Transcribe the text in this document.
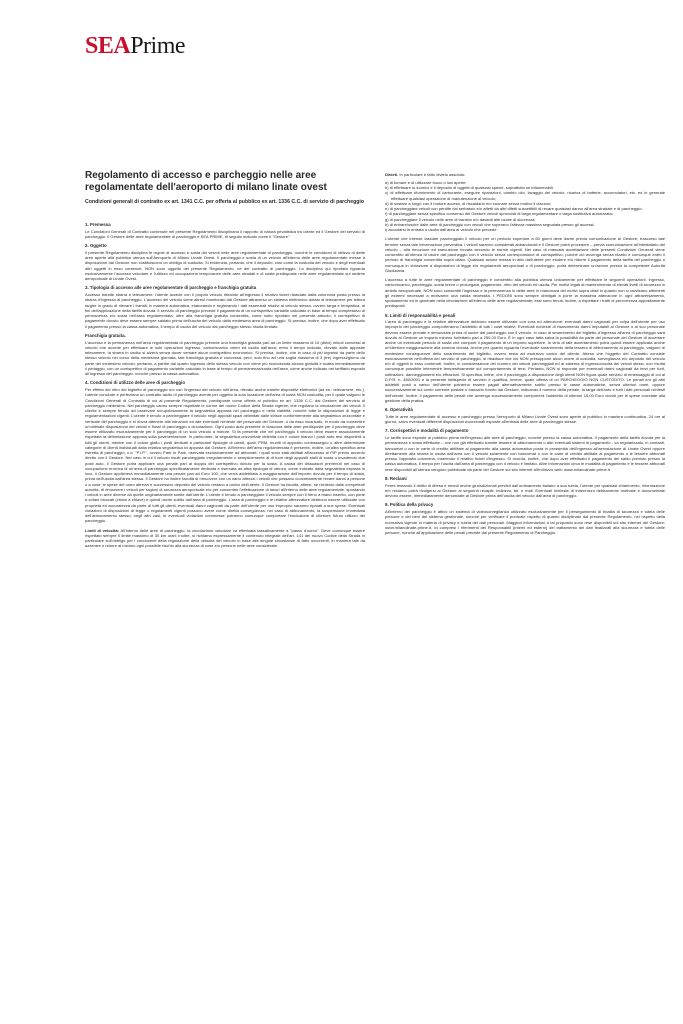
SEAPrime
Regolamento di accesso e parcheggio nelle aree regolamentate dell'aeroporto di milano linate ovest

Condizioni generali di contratto ex art. 1341 C.C. per offerta al pubblico ex art. 1336 C.C. di servizio di parcheggio

1. Premessa

Le Condizioni Generali di Contratto contenute nel presente Regolamento disciplinano il rapporto di natura privatistica tra utente ed il Gestore del servizio di parcheggio. Il Gestore delle aree regolamentate di parcheggio è SEA PRIME, di seguito indicato come il "Gestore".

2. Oggetto

Il presente Regolamento disciplina le regole di accesso e sosta dei veicoli nelle aree regolamentate di parcheggio, nonché le condizioni di utilizzo di dette aree aperte alla pubblica utenza sull'Aeroporto di Milano Linate Ovest. Il parcheggio e sosta di un veicolo all'interno delle aree regolamentate messe a disposizione dal Gestore non costituiscono un obbligo di custodia. Si evidenzia, pertanto, che il deposito, così come la custodia del veicolo e degli eventuali altri oggetti in esso contenuti, NON sono oggetto del presente Regolamento, né del contratto di parcheggio. La disciplina qui riportata riguarda esclusivamente l'accesso veicolare e l'utilizzo ed occupazione temporanee delle aree stradali e di sosta predisposte nelle aree regolamentate sul sedime aeroportuale di Linate Ovest.

3. Tipologia di accesso alle aree regolamentate di parcheggio e franchigia gratuita

Accesso tramite sbarra e telecamere: l'utente accede con il proprio veicolo ritirando all'ingresso il relativo ticket rilasciato dalla colonnina posta presso la sbarra d'ingresso al parcheggio. L'accesso del veicolo viene altresì monitorato dal Gestore attraverso un sistema elettronico dotato di telecamere per lettura targhe in grado di rilevare i transiti in maniera automatica, elaborando e registrando i dati essenziali relativi al veicolo stesso, ovvero targa e tempistica, ai fini dell'applicazione della tariffa dovuta. Il servizio di parcheggio prevede il pagamento di un corrispettivo variabile calcolato in base al tempo complessivo di permanenza e/o sosta nell'area regolamentata, oltre alla franchigia gratuita consentita, come sotto riportato nel presente articolo; il corrispettivo di pagamento dovuto deve essere sempre saldato prima dell'uscita del veicolo dalla medesima area di parcheggio. Si precisa, inoltre, che dopo aver effettuato il pagamento presso la cassa automatica, il tempo di uscita del veicolo dal parcheggio stesso risulta limitato.

Franchigia gratuita.

L'accesso e la permanenza nell'area regolamentata di parcheggio prevede una franchigia gratuita pari ad un limite massimo di 10 (dieci) minuti concessi al veicolo che accede per effettuare le sole operazioni ingresso, carico/scarico celeri ed uscita dall'area; entro il tempo indicato, rilevato dalle apposite telecamere, la sbarra in uscita si alzerà senza dover versare alcun corrispettivo economico. Si precisa, inoltre, che in caso di più ingressi da parte dello stesso veicolo nel corso della medesima giornata, tale franchigia gratuita è concessa, però, solo fino ad una soglia massima di 3 (tre) ingressi/giorno da parte del medesimo veicolo; pertanto, a partire dal quarto ingresso dello stesso veicolo non viene più riconosciuta alcuna gratuità e scatta immediatamente il pedaggio, con un corrispettivo di pagamento variabile calcolato in base al tempo di permanenza/sosta nell'area, come anche indicato nel tariffario esposto all'ingresso del parcheggio, nonché presso la cassa automatica.

4. Condizioni di utilizzo delle aree di parcheggio

Per effetto del ritiro del biglietto di parcheggio e/o con l'ingresso del veicolo nell'area, rilevato anche tramite dispositivi elettronici (ad es.: telecamere, etc.), l'utente conclude e perfeziona un contratto tacito di parcheggio avente per oggetto la sola locazione dell'area di sosta NON custodita, per il quale valgono le Condizioni Generali di Contratto di cui al presente Regolamento, predisposte come offerta al pubblico ex art. 1336 C.C. dal Gestore del servizio di parcheggio medesimo. Nel parcheggio vanno sempre rispettate le norme del nuovo Codice della Strada vigente, che regolano la circolazione dei veicoli. Il cliente è sempre tenuto ad osservare scrupolosamente la segnaletica apposta nel parcheggio e nella viabilità, nonché tutte le disposizioni di legge e regolamentazioni vigenti. L'utente è tenuto a parcheggiare il veicolo negli appositi spazi delimitati dalle strisce conformemente alla segnaletica orizzontale e verticale del parcheggio e si dovrà attenere alle istruzioni ed alle eventuali richieste del personale del Gestore, o da esso incaricato, in modo da consentire un'ottimale disposizione dei veicoli e flussi di parcheggio o circolazione. Ogni posto auto presente in ciascuna delle aree predisposte per il parcheggio deve essere utilizzato esclusivamente per il parcheggio di un solo veicolo a motore. Si fa presente che nel parcheggio il veicolo deve essere assolutamente rispettata la delimitazione apposta sulla pavimentazione. In particolare, la segnaletica orizzontale delimita con il colore bianco i posti auto resi disponibili a tutti gli utenti, mentre con il colore giallo i posti dedicati a particolari tipologie di utenti, quali; PRM, muniti di apposito contrassegno o altre determinate categorie di clienti individuati dalla relativa segnaletica ivi apposta dal Gestore. All'interno dell'area regolamentata è presente, inoltre, un'altra specifica area ristretta di parcheggio, c.d. "P.I.P.", ovvero Park In Park, riservata esclusivamente ad abbonati, i quali sono stati abilitati all'accesso al PIP previo accordo diretto con il Gestore. Nel caso in cui il veicolo risulti parcheggiato irregolarmente o semplicemente al di fuori degli appositi stalli di sosta o invadendo due posti auto, il Gestore potrà applicare una penale pari al doppio del corrispettivo dovuto per la sosta. A causa dei dissuasori prevenuti nel caso di occupazione erronea di un'area di parcheggio specificatamente dedicata e riservata ad altra tipologia di utenza, come indicato dalla segnaletica esposta in loco, il Gestore applicherà immediatamente una penale pari ad Euro 100, che verrà addebitata a maggiorazione dell'importo dovuto per il tempo di sosta, prima dell'uscita dall'area stessa. Il Gestore ha inoltre facoltà di rimuovere con un carro attrezzi i veicoli che possano concretamente recare danni a persone o a cose; le spese del carro attrezzi e successivo deposito del veicolo restano a carico dell'utente. Il Gestore ha facoltà, altresì, se richiesto dalle competenti autorità, di rimuovere i veicoli per ragioni di sicurezza aeroportuale e/o per consentire l'effettuazione di lavori all'interno delle aree regolamentate, spostando i veicoli in aree diverse da quelle originariamente scelte dall'utente. L'utente è tenuto a parcheggiare il veicolo sempre con il freno a mano inserito, con porte e cofani bloccati (chiusi a chiave) e quindi uscire subito dall'area di parcheggio. L'area di parcheggio e le relative attrezzature debbono essere utilizzate con proprietà ed accuratezza da parte di tutti gli utenti; eventuali danni cagionati da parte dell'utente per uso improprio saranno riparati a sue spese. Eventuali violazioni di disposizioni di legge o regolamenti vigenti possono avere come diretta conseguenza, nel caso di abbonamento, la sospensione immediata dell'abbonamento stesso; negli altri casi, le eventuali violazioni commesse potranno comunque comportare l'esclusione di ulteriore futuro utilizzo del parcheggio.

Limiti di velocità: All'interno delle aree di parcheggio, la circolazione veicolare va effettuata tassativamente a "passo d'uomo". Deve comunque essere rispettato sempre il limite massimo di 30 km orari; inoltre, si richiama espressamente il contenuto integrale dell'art. 141 del nuovo Codice della Strada in particolare sull'obbligo per i conducenti della regolazione della velocità del veicolo in base alle singole circostanze di fatto occorrenti, in maniera tale da azzerare o ridurre al minimo ogni possibile rischio alla sicurezza di cose e/o persone nelle aree considerate.

Divieti. In particolare è fatto divieto assoluto:

a) di fumare e di utilizzare fuoco o luci aperte;
b) di effettuare lo scarico e il deposito di oggetti di qualsiasi specie, soprattutto se infiammabili.
c) di effettuare rifornimento di carburante, eseguire riparazioni, cambio olio, lavaggio del veicolo, ricarica di batterie, accumulatori, etc. ed in generale effettuare qualsiasi operazione di manutenzione al veicolo;
d) di sostare a lungo con il motore acceso, di riscaldarlo e/o suonare senza motivo il clacson;
e) di parcheggiare veicoli con perdite dal serbatoio e/o affetti da altri difetti suscettibili di recare qualsiasi danno all'area stradale e di parcheggio;
f) di parcheggiare senza specifico consenso del Gestore veicoli sprovvisti di targa regolamentare o targa sostitutiva autorizzata;
g) di parcheggiare il veicolo nelle aree di transito e/o davanti alle uscite di sicurezza;
h) di entrare/uscire dalle aree di parcheggio con veicoli che superano l'altezza massima segnalata presso gli accessi;
i) accodarsi in entrata o uscita dall'area al veicolo che precede.

L'utente che intende lasciare parcheggiato il veicolo per un periodo superiore a 60 giorni deve darne previa comunicazione al Gestore; trascorso tale termine senza tale informazione preventiva, i veicoli saranno considerati abbandonati e il Gestore potrà procedere – previa comunicazione all'intestatario del veicolo – alla rimozione ed esecuzione forzata secondo le norme vigenti. Nel caso di mancata accettazione delle presenti Condizioni Generali viene consentito all'utenza di uscire dal parcheggio con il veicolo senza corresponsione di corrispettivo, purché ciò avvenga senza ritardo e comunque entro il periodo di franchigia consentita sopra citato. Qualsiasi azione messa in atto dall'utente per eludere e/o ridurre il pagamento della tariffa del parcheggio o comunque in violazione a disposizioni di legge e/o regolamenti aeroportuali o di parcheggio, potrà determinare un'azione presso la competente Autorità Giudiziaria.

L'accesso a tutte le aree regolamentate di parcheggio è consentito alla pubblica utenza unicamente per effettuare le seguenti operazioni: ingresso, carico/scarico, parcheggio, sosta breve o prolungata, pagamento, ritiro del veicolo ed uscita. Per motivi legati al mantenimento di elevati livelli di sicurezza in ambito aeroportuale, NON sono consentiti l'ingresso e la permanenza in dette aree in mancanza dei motivi sopra citati in quanto non si ravvisano altrimenti gli estremi necessari a motivarne una valida necessità. I PEDONI sono sempre obbligati a porre la massima attenzione in ogni attraversamento, spostamento ed in generale nella circolazione all'interno delle aree regolamentate; essi sono tenuti, inoltre, a rispettare i tratti di percorrenza appositamente predisposti.

5. Limiti di responsabilità e penali

L'area di parcheggio e le relative attrezzature debbono essere utilizzate con cura ed attenzione; eventuali danni cagionati per colpa dell'utente per uso improprio del parcheggio comporteranno l'addebito di tutti i costi relativi. Eventuali richieste di risarcimento danni imputabili al Gestore o al suo personale devono essere provate e denunciate prima di uscire dal parcheggio con il veicolo. In caso di smarrimento del biglietto d'ingresso all'area di parcheggio sarà dovuto al Gestore un importo minimo forfettario pari a 250,00 Euro. È in ogni caso fatta salva la possibilità da parte del personale del Gestore di accertare anche un eventuale periodo di sosta che comporti il pagamento di un importo superiore. In virtù di tale accertamento potrà quindi essere applicata anche un'ulteriore maggiorazione alla somma dovuta. Anche per quanto riguarda l'eventuale smarrimento della tessera di abbonamento al parcheggio, valgono le medesime conseguenze dello smarrimento del biglietto, ovvero resta ad esclusivo carico del cliente. Atteso che l'oggetto del Contratto consiste esclusivamente nell'offerta del servizio di parcheggio, si ribadisce che ciò NON presuppone alcun onere di custodia, sorveglianza e/o deposito del veicolo e/o di oggetti in esso contenuti. Inoltre, in considerazione del numero dei veicoli parcheggiati ed al sistema di ingresso/uscita dei veicoli stessi, non risulta comunque possibile intervenire tempestivamente sul comportamento di terzi. Pertanto, NON si risponde per eventuali danni cagionati da terzi per furti, sottrazioni, danneggiamenti e/o effrazioni. Si specifica, infine, che il parcheggio a disposizione degli utenti NON figura quale servizio di rimessaggio di cui al D.P.R. n. 480/2001 e la presente fattispecie di servizio è qualifica, invece, quale offerta di un PARCHEGGIO NON CUSTODITO. Le penali e/o gli altri addebiti posti a carico dell'utente potranno essere pagati alternativamente subito presso le casse automatiche, senza ulteriori oneri; oppure successivamente sul conto corrente postale o bancario fornito dal Gestore, indicando il numero della penale, la targa dell'auto e tutti i dati personali richiesti dell'utente. Inoltre, il pagamento delle penali che avvenga successivamente comporterà l'addebito di ulteriori 15,00 Euro dovuti per le spese correlate alla gestione della pratica.

6. Operatività

Tutte le aree regolamentate di accesso e parcheggio presso l'aeroporto di Milano Linate Ovest sono aperte al pubblico in maniera continuativa, 24 ore al giorno, salvo eventuali differenti disposizioni eccezionali esposte all'entrata delle aree di parcheggio stesse.

7. Corrispettivi e modalità di pagamento

Le tariffe sono esposte al pubblico prima dell'ingresso alle aree di parcheggio, nonché presso la cassa automatica. Il pagamento della tariffa dovuta per la permanenza e sosta effettuate – ove non già effettuato tramite tessere di abbonamento o altri eventuali sistemi di pagamento - va regolarizzato, in contanti, bancomat o con le carte di credito abilitate al pagamento alla cassa automatica posta in prossimità dell'ingresso all'aerostazione di Linate Ovest oppure direttamente alla sbarra in uscita dall'area con il veicolo solamente con bancomat o con le carte di credito abilitate al pagamento o le tessere abbonati presso l'apposita colonnina, inserendo il relativo ticket d'ingresso. Si ricorda, inoltre, che dopo aver effettuato il pagamento del saldo previsto presso la cassa automatica, il tempo per l'uscita dall'area di parcheggio con il veicolo è limitato. Altre informazioni circa le modalità di pagamento e le tessere abbonati rese disponibili all'utenza vengono pubblicate da parte del Gestore sul sito internet all'indirizzo web: www.milanolinate-prime.it.

8. Reclami

Fermi restando il diritto di difesa e rimedi anche giurisdizionali previsti dall'ordinamento italiano a sua tutela, l'utente per qualsiasi chiarimento, informazione e/o reclamo potrà rivolgersi al Gestore ai seguenti recapiti: indirizzo, tel. e mail. Eventuali richieste di indennizzo debitamente motivate e documentate devono essere, immediatamente denunciate al Gestore prima dell'uscita del veicolo dall'area di parcheggio.

9. Politica della privacy

All'interno del parcheggio è attivo un sistema di videosorveglianza utilizzato esclusivamente per il perseguimento di finalità di sicurezza e tutela delle persone e dei beni del sistema gestionale, nonché per verificare il puntuale rispetto di quanto disciplinato dal presente Regolamento, nel rispetto della normativa vigente in materia di privacy e tutela dei dati personali. Maggiori informazioni a tal proposito sono rese disponibili sul sito internet del Gestore: www.milanolinate-prime.it, ivi compresi i riferimenti dei Responsabili (interni ed esterni) del trattamento dei dati finalizzati alla sicurezza e tutela delle persone, nonché all'applicazione delle penali previste dal presente Regolamento di Parcheggio.
